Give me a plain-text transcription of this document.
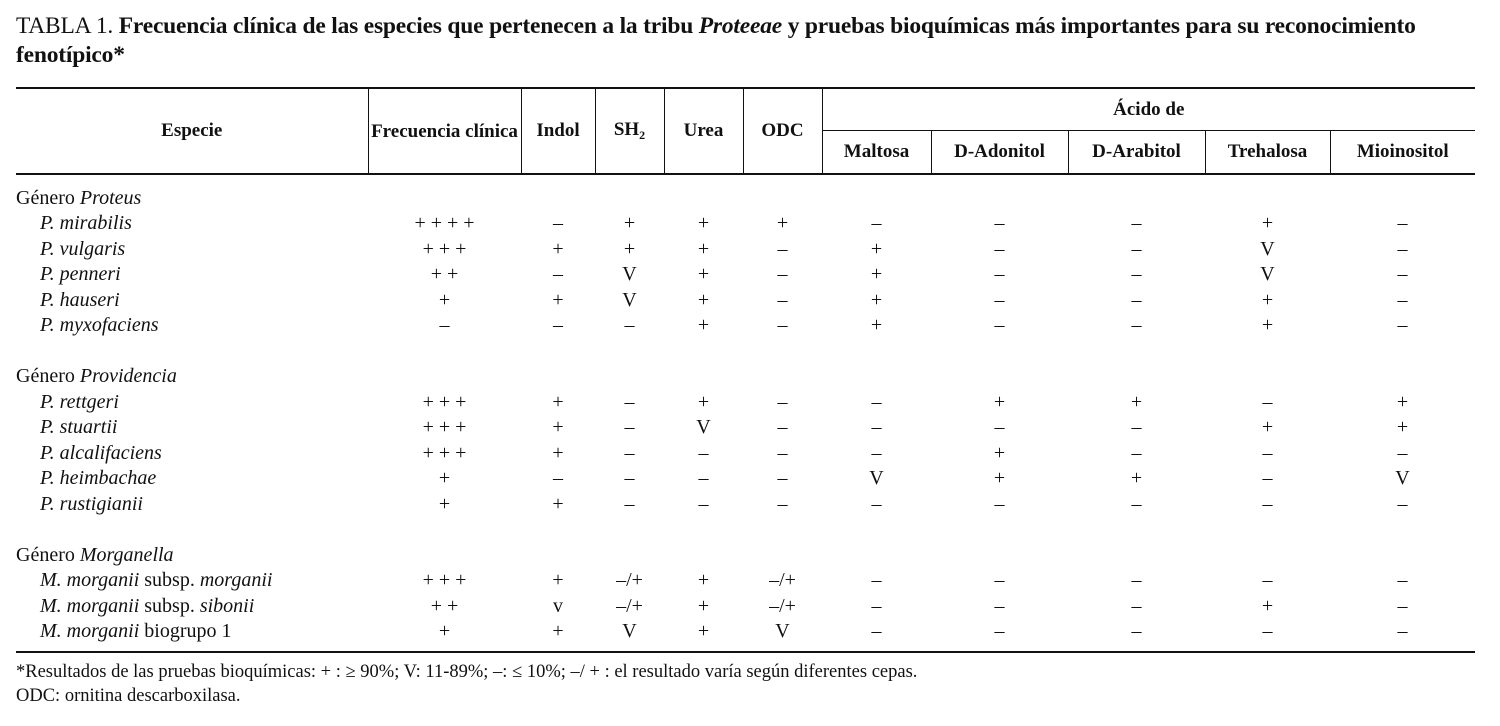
TABLA 1. Frecuencia clínica de las especies que pertenecen a la tribu Proteeae y pruebas bioquímicas más importantes para su reconocimiento fenotípico*
Especie	Frecuencia clínica	Indol	$SH_2$	Urea	ODC	Ácido de				
						Maltosa	D-Adonitol	D-Arabitol	Trehalosa	Mioinositol

Género Proteus										
P. mirabilis	+ + + +	–	+	+	+	–	–	–	+	–
P. vulgaris	+ + +	+	+	+	–	+	–	–	V	–
P. penneri	+ +	–	V	+	–	+	–	–	V	–
P. hauseri	+	+	V	+	–	+	–	–	+	–
P. myxofaciens	–	–	–	+	–	+	–	–	+	–

Género Providencia										
P. rettgeri	+ + +	+	–	+	–	–	+	+	–	+
P. stuartii	+ + +	+	–	V	–	–	–	–	+	+
P. alcalifaciens	+ + +	+	–	–	–	–	+	–	–	–
P. heimbachae	+	–	–	–	–	V	+	+	–	V
P. rustigianii	+	+	–	–	–	–	–	–	–	–

Género Morganella										
M. morganii subsp. morganii	+ + +	+	–/+	+	–/+	–	–	–	–	–
M. morganii subsp. sibonii	+ +	v	–/+	+	–/+	–	–	–	+	–
M. morganii biogrupo 1	+	+	V	+	V	–	–	–	–	–

*Resultados de las pruebas bioquímicas: + : ≥ 90%; V: 11-89%; –: ≤ 10%; –/ + : el resultado varía según diferentes cepas.
ODC: ornitina descarboxilasa.
